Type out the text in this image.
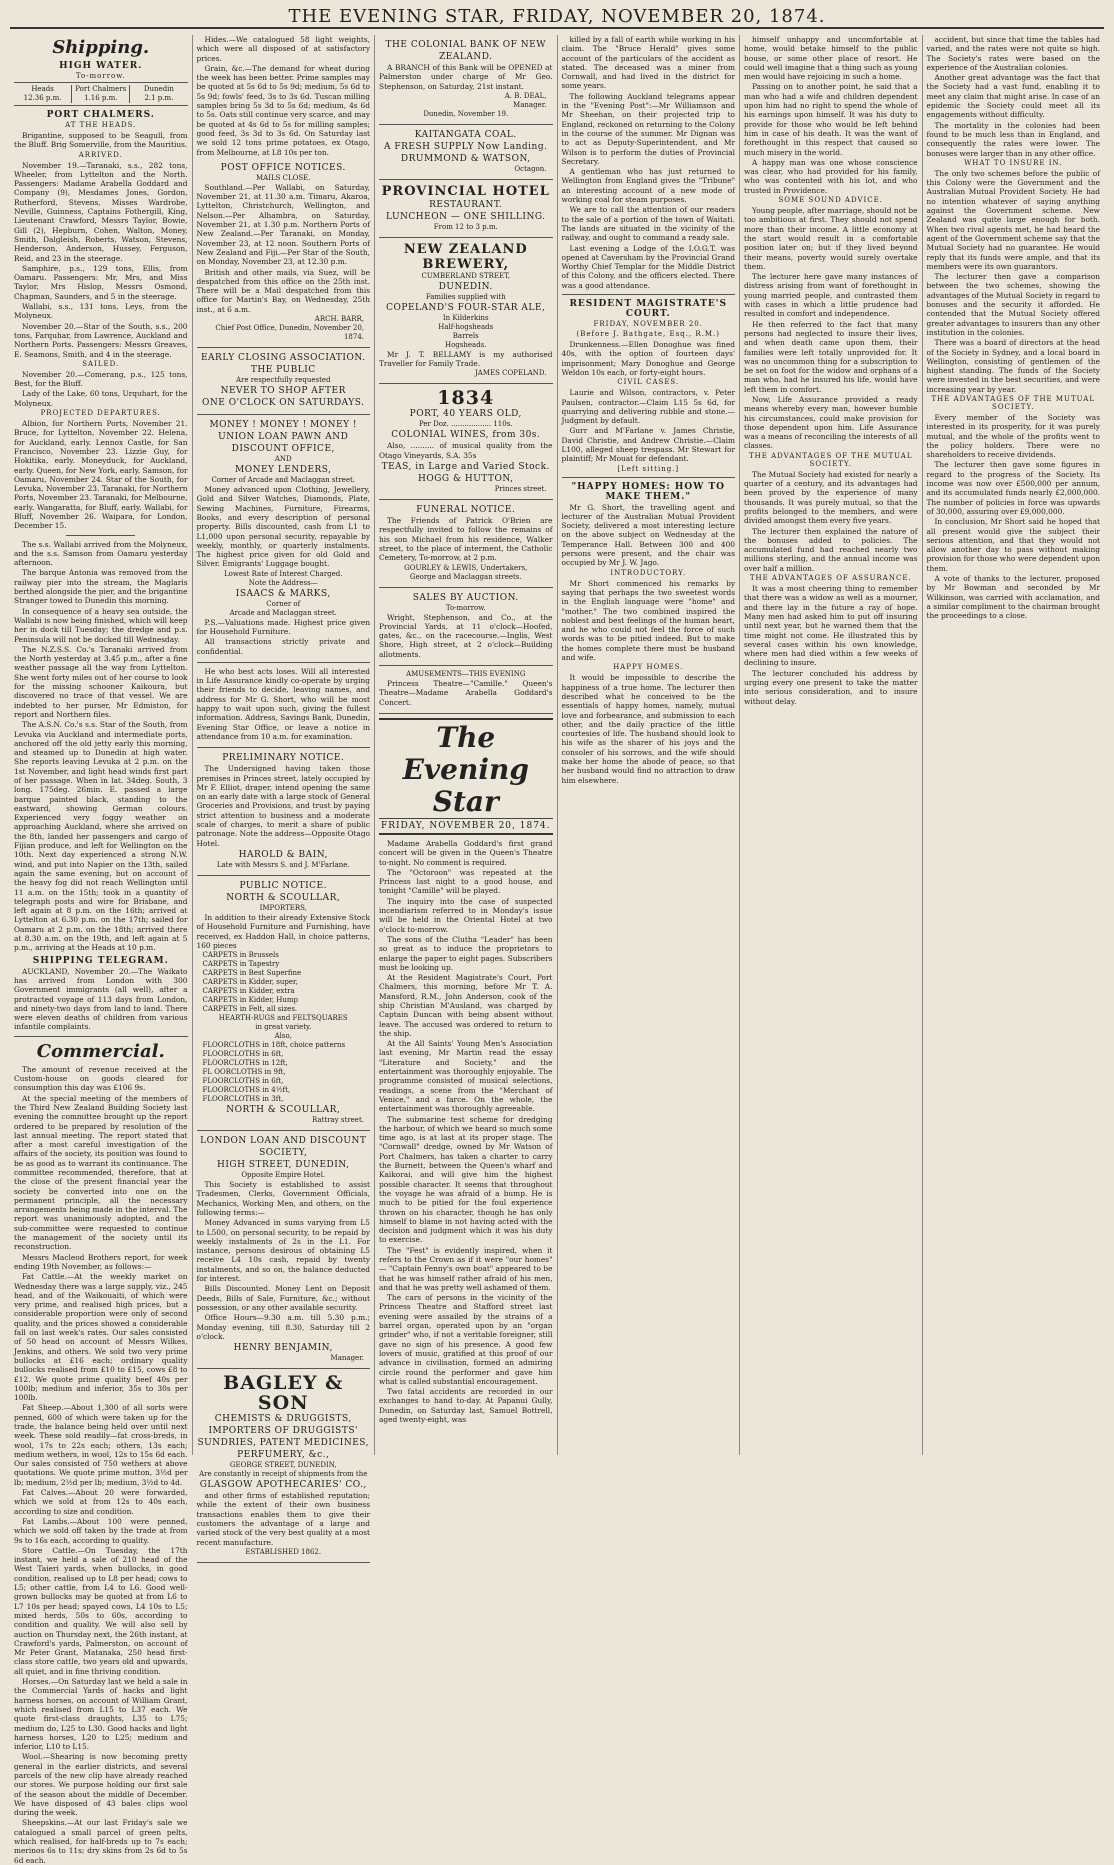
THE EVENING STAR, FRIDAY, NOVEMBER 20, 1874.
Shipping.
HIGH WATER.
To-morrow.
Heads
12.36 p.m.
Port Chalmers
1.16 p.m.
Dunedin
2.1 p.m.
PORT CHALMERS.
AT THE HEADS.

Brigantine, supposed to be Seagull, from the Bluff. Brig Somerville, from the Mauritius.

ARRIVED.

November 19.—Taranaki, s.s., 282 tons, Wheeler, from Lyttelton and the North. Passengers: Madame Arabella Goddard and Company (9), Mesdames Jones, Gordon, Rutherford, Stevens, Misses Wardrobe, Neville, Guinness, Captains Fothergill, King, Lieutenant Crawford, Messrs Taylor, Bowie, Gill (2), Hepburn, Cohen, Walton, Money, Smith, Dalgleish, Roberts, Watson, Stevens, Henderson, Anderson, Hussey, Ferguson, Reid, and 23 in the steerage.

Samphire, p.s., 129 tons, Ellis, from Oamaru. Passengers: Mr, Mrs, and Miss Taylor, Mrs Hislop, Messrs Osmond, Chapman, Saunders, and 5 in the steerage.

Wallabi, s.s., 131 tons, Leys, from the Molyneux.

November 20.—Star of the South, s.s., 200 tons, Farquhar, from Lawrence, Auckland and Northern Ports. Passengers: Messrs Greaves, E. Seamons, Smith, and 4 in the steerage.

SAILED.

November 20.—Comerang, p.s., 125 tons, Best, for the Bluff.

Lady of the Lake, 60 tons, Urquhart, for the Molyneux.

PROJECTED DEPARTURES.

Albion, for Northern Ports, November 21. Bruce, for Lyttelton, November 22. Helena, for Auckland, early. Lennox Castle, for San Francisco, November 23. Lizzie Guy, for Hokitika, early. Moneyduck, for Auckland, early. Queen, for New York, early. Samson, for Oamaru, November 24. Star of the South, for Levuka, November 23. Taranaki, for Northern Ports, November 23. Taranaki, for Melbourne, early. Wangaratta, for Bluff, early. Wallabi, for Bluff, November 26. Waipara, for London, December 15.

The s.s. Wallabi arrived from the Molyneux, and the s.s. Samson from Oamaru yesterday afternoon.

The barque Antonia was removed from the railway pier into the stream, the Maglaris berthed alongside the pier, and the brigantine Stranger towed to Dunedin this morning.

In consequence of a heavy sea outside, the Wallabi is now being finished, which will keep her in dock till Tuesday; the dredge and p.s. Peninsula will not be docked till Wednesday.

The N.Z.S.S. Co.'s Taranaki arrived from the North yesterday at 3.45 p.m., after a fine weather passage all the way from Lyttelton. She went forty miles out of her course to look for the missing schooner Kaikoura, but discovered no trace of that vessel. We are indebted to her purser, Mr Edmiston, for report and Northern files.

The A.S.N. Co.'s s.s. Star of the South, from Levuka via Auckland and intermediate ports, anchored off the old jetty early this morning, and steamed up to Dunedin at high water. She reports leaving Levuka at 2 p.m. on the 1st November, and light head winds first part of her passage. When in lat. 34deg. South, 3 long. 175deg. 26min. E. passed a large barque painted black, standing to the eastward, showing German colours. Experienced very foggy weather on approaching Auckland, where she arrived on the 8th, landed her passengers and cargo of Fijian produce, and left for Wellington on the 10th. Next day experienced a strong N.W. wind, and put into Napier on the 13th, sailed again the same evening, but on account of the heavy fog did not reach Wellington until 11 a.m. on the 15th; took in a quantity of telegraph posts and wire for Brisbane, and left again at 8 p.m. on the 16th; arrived at Lyttelton at 6.30 p.m. on the 17th; sailed for Oamaru at 2 p.m. on the 18th; arrived there at 8.30 a.m. on the 19th, and left again at 5 p.m., arriving at the Heads at 10 p.m.

SHIPPING TELEGRAM.

AUCKLAND, November 20.—The Waikato has arrived from London with 300 Government immigrants (all well), after a protracted voyage of 113 days from London, and ninety-two days from land to land. There were eleven deaths of children from various infantile complaints.

Commercial.

The amount of revenue received at the Custom-house on goods cleared for consumption this day was £106 9s.

At the special meeting of the members of the Third New Zealand Building Society last evening the committee brought up the report ordered to be prepared by resolution of the last annual meeting. The report stated that after a most careful investigation of the affairs of the society, its position was found to be as good as to warrant its continuance. The committee recommended, therefore, that at the close of the present financial year the society be converted into one on the permanent principle, all the necessary arrangements being made in the interval. The report was unanimously adopted, and the sub-committee were requested to continue the management of the society until its reconstruction.

Messrs Macleod Brothers report, for week ending 19th November, as follows:—

Fat Cattle.—At the weekly market on Wednesday there was a large supply, viz., 245 head, and of the Waikouaiti, of which were very prime, and realised high prices, but a considerable proportion were only of second quality, and the prices showed a considerable fall on last week's rates. Our sales consisted of 50 head on account of Messrs Wilkes, Jenkins, and others. We sold two very prime bullocks at £16 each; ordinary quality bullocks realised from £10 to £15, cows £8 to £12. We quote prime quality beef 40s per 100lb; medium and inferior, 35s to 30s per 100lb.

Fat Sheep.—About 1,300 of all sorts were penned, 600 of which were taken up for the trade, the balance being held over until next week. These sold readily—fat cross-breds, in wool, 17s to 22s each; others, 13s each; medium wethers, in wool, 12s to 15s 6d each. Our sales consisted of 750 wethers at above quotations. We quote prime mutton, 3½d per lb; medium, 2½d per lb; medium, 3½d to 4d.

Fat Calves.—About 20 were forwarded, which we sold at from 12s to 40s each, according to size and condition.

Fat Lambs.—About 100 were penned, which we sold off taken by the trade at from 9s to 16s each, according to quality.

Store Cattle.—On Tuesday, the 17th instant, we held a sale of 210 head of the West Taieri yards, when bullocks, in good condition, realised up to L8 per head; cows to L5; other cattle, from L4 to L6. Good well-grown bullocks may be quoted at from L6 to L7 10s per head; spayed cows, L4 10s to L5; mixed herds, 50s to 60s, according to condition and quality. We will also sell by auction on Thursday next, the 26th instant, at Crawford's yards, Palmerston, on account of Mr Peter Grant, Matanaka, 250 head first-class store cattle, two years old and upwards, all quiet, and in fine thriving condition.

Horses.—On Saturday last we held a sale in the Commercial Yards of hacks and light harness horses, on account of William Grant, which realised from L15 to L37 each. We quote first-class draughts, L35 to L75; medium do, L25 to L30. Good hacks and light harness horses, L20 to L25; medium and inferior, L10 to L15.

Wool.—Shearing is now becoming pretty general in the earlier districts, and several parcels of the new clip have already reached our stores. We purpose holding our first sale of the season about the middle of December. We have disposed of 43 bales clips wool during the week.

Sheepskins.—At our last Friday's sale we catalogued a small parcel of green pelts, which realised, for half-breds up to 7s each; merinos 6s to 11s; dry skins from 2s 6d to 5s 6d each.

Hides.—We catalogued 58 light weights, which were all disposed of at satisfactory prices.

Grain, &c.—The demand for wheat during the week has been better. Prime samples may be quoted at 5s 6d to 5s 9d; medium, 5s 6d to 5s 9d; fowls' feed, 3s to 3s 6d. Tuscan milling samples bring 5s 3d to 5s 6d; medium, 4s 6d to 5s. Oats still continue very scarce, and may be quoted at 4s 6d to 5s for milling samples; good feed, 3s 3d to 3s 6d. On Saturday last we sold 12 tons prime potatoes, ex Otago, from Melbourne, at L8 10s per ton.

POST OFFICE NOTICES.
MAILS CLOSE.

Southland.—Per Wallabi, on Saturday, November 21, at 11.30 a.m. Timaru, Akaroa, Lyttelton, Christchurch, Wellington, and Nelson.—Per Alhambra, on Saturday, November 21, at 1.30 p.m. Northern Ports of New Zealand.—Per Taranaki, on Monday, November 23, at 12 noon. Southern Ports of New Zealand and Fiji.—Per Star of the South, on Monday, November 23, at 12.30 p.m.

British and other mails, via Suez, will be despatched from this office on the 25th inst. There will be a Mail despatched from this office for Martin's Bay, on Wednesday, 25th inst., at 6 a.m.

ARCH. BARR,
Chief Post Office, Dunedin, November 20, 1874.
EARLY CLOSING ASSOCIATION.
THE PUBLIC
Are respectfully requested
NEVER TO SHOP AFTER
ONE O'CLOCK ON SATURDAYS.
MONEY ! MONEY ! MONEY !
UNION LOAN PAWN AND DISCOUNT OFFICE,
AND
MONEY LENDERS,
Corner of Arcade and Maclaggan street.

Money advanced upon Clothing, Jewellery, Gold and Silver Watches, Diamonds, Plate, Sewing Machines, Furniture, Firearms, Books, and every description of personal property. Bills discounted, cash from L1 to L1,000 upon personal security, repayable by weekly, monthly, or quarterly instalments. The highest price given for old Gold and Silver. Emigrants' Luggage bought.

Lowest Rate of Interest Charged.
Note the Address—
ISAACS & MARKS,
Corner of
Arcade and Maclaggan street.

P.S.—Valuations made. Highest price given for Household Furniture.

All transactions strictly private and confidential.

He who best acts loses. Will all interested in Life Assurance kindly co-operate by urging their friends to decide, leaving names, and address for Mr G. Short, who will be most happy to wait upon such, giving the fullest information. Address, Savings Bank, Dunedin, Evening Star Office, or leave a notice in attendance from 10 a.m. for examination.

PRELIMINARY NOTICE.

The Undersigned having taken those premises in Princes street, lately occupied by Mr F. Elliot, draper, intend opening the same on an early date with a large stock of General Groceries and Provisions, and trust by paying strict attention to business and a moderate scale of charges, to merit a share of public patronage. Note the address—Opposite Otago Hotel.

HAROLD & BAIN,
Late with Messrs S. and J. M'Farlane.
PUBLIC NOTICE.
NORTH & SCOULLAR,
IMPORTERS,

In addition to their already Extensive Stock of Household Furniture and Furnishing, have received, ex Haddon Hall, in choice patterns, 160 pieces

CARPETS in Brussels
CARPETS in Tapestry
CARPETS in Best Superfine
CARPETS in Kidder, super,
CARPETS in Kidder, extra
CARPETS in Kidder, Hump
CARPETS in Felt, all sizes.
HEARTH-RUGS and FELTSQUARES
in great variety.
Also,
FLOORCLOTHS in 18ft, choice patterns
FLOORCLOTHS in 6ft,
FLOORCLOTHS in 12ft,
FL OORCLOTHS in 9ft,
FLOORCLOTHS in 6ft,
FLOORCLOTHS in 4½ft,
FLOORCLOTHS in 3ft,
NORTH & SCOULLAR,
Rattray street.
LONDON LOAN AND DISCOUNT SOCIETY,
HIGH STREET, DUNEDIN,
Opposite Empire Hotel.

This Society is established to assist Tradesmen, Clerks, Government Officials, Mechanics, Working Men, and others, on the following terms:—

Money Advanced in sums varying from L5 to L500, on personal security, to be repaid by weekly instalments of 2s in the L1. For instance, persons desirous of obtaining L5 receive L4 10s cash, repaid by twenty instalments, and so on, the balance deducted for interest.

Bills Discounted. Money Lent on Deposit Deeds, Bills of Sale, Furniture, &c.; without possession, or any other available security.

Office Hours—9.30 a.m. till 5.30 p.m.; Monday evening, till 8.30, Saturday till 2 o'clock.

HENRY BENJAMIN,
Manager.
BAGLEY & SON
CHEMISTS & DRUGGISTS,
IMPORTERS OF DRUGGISTS' SUNDRIES, PATENT MEDICINES, PERFUMERY, &c.,
GEORGE STREET, DUNEDIN,
Are constantly in receipt of shipments from the
GLASGOW APOTHECARIES' CO.,

and other firms of established reputation; while the extent of their own business transactions enables them to give their customers the advantage of a large and varied stock of the very best quality at a most recent manufacture.

ESTABLISHED 1862.
THE COLONIAL BANK OF NEW ZEALAND.

A BRANCH of this Bank will be OPENED at Palmerston under charge of Mr Geo. Stephenson, on Saturday, 21st instant.

A. B. DEAL,
Manager.
Dunedin, November 19.
KAITANGATA COAL.
A FRESH SUPPLY Now Landing.
DRUMMOND & WATSON,
Octagon.
PROVINCIAL HOTEL
RESTAURANT.
LUNCHEON — ONE SHILLING.
From 12 to 3 p.m.
NEW ZEALAND BREWERY,
CUMBERLAND STREET,
DUNEDIN.
Families supplied with
COPELAND'S FOUR-STAR ALE,
In Kilderkins
Half-hogsheads
Barrels
Hogsheads.

Mr J. T. BELLAMY is my authorised Traveller for Family Trade.

JAMES COPELAND.
1834
PORT, 40 YEARS OLD,
Per Doz. .................. 110s.
COLONIAL WINES, from 30s.

Also, .......... of musical quality from the Otago Vineyards, S.A. 35s

TEAS, in Large and Varied Stock.
HOGG & HUTTON,
Princes street.
FUNERAL NOTICE.

The Friends of Patrick O'Brien are respectfully invited to follow the remains of his son Michael from his residence, Walker street, to the place of interment, the Catholic Cemetery, To-morrow, at 2 p.m.

GOURLEY & LEWIS, Undertakers,
George and Maclaggan streets.
SALES BY AUCTION.
To-morrow.

Wright, Stephenson, and Co., at the Provincial Yards, at 11 o'clock—Hoofed, gates, &c., on the racecourse.—Inglis, West Shore, High street, at 2 o'clock—Building allotments.

AMUSEMENTS—THIS EVENING

Princess Theatre—"Camille." Queen's Theatre—Madame Arabella Goddard's Concert.

The Evening Star
FRIDAY, NOVEMBER 20, 1874.

Madame Arabella Goddard's first grand concert will be given in the Queen's Theatre to-night. No comment is required.

The "Octoroon" was repeated at the Princess last night to a good house, and tonight "Camille" will be played.

The inquiry into the case of suspected incendiarism referred to in Monday's issue will be held in the Oriental Hotel at two o'clock to-morrow.

The sons of the Clutha "Leader" has been so great as to induce the proprietors to enlarge the paper to eight pages. Subscribers must be looking up.

At the Resident Magistrate's Court, Port Chalmers, this morning, before Mr T. A. Mansford, R.M., John Anderson, cook of the ship Christian M'Ausland, was charged by Captain Duncan with being absent without leave. The accused was ordered to return to the ship.

At the All Saints' Young Men's Association last evening, Mr Martin read the essay "Literature and Society," and the entertainment was thoroughly enjoyable. The programme consisted of musical selections, readings, a scene from the "Merchant of Venice," and a farce. On the whole, the entertainment was thoroughly agreeable.

The submarine test scheme for dredging the harbour, of which we heard so much some time ago, is at last at its proper stage. The "Cornwall" dredge, owned by Mr Watson of Port Chalmers, has taken a charter to carry the Burnett, between the Queen's wharf and Kaikorai, and will give him the highest possible character. It seems that throughout the voyage he was afraid of a bump. He is much to be pitied for the foul experience thrown on his character, though he has only himself to blame in not having acted with the decision and judgment which it was his duty to exercise.

The "Fest" is evidently inspired, when it refers to the Crown as if it were "our homes" — "Captain Fenny's own boat" appeared to be that he was himself rather afraid of his men, and that he was pretty well ashamed of them.

The cars of persons in the vicinity of the Princess Theatre and Stafford street last evening were assailed by the strains of a barrel organ, operated upon by an "organ grinder" who, if not a veritable foreigner, still gave no sign of his presence. A good few lovers of music, gratified at this proof of our advance in civilisation, formed an admiring circle round the performer and gave him what is called substantial encouragement.

Two fatal accidents are recorded in our exchanges to hand to-day. At Papanui Gully, Dunedin, on Saturday last, Samuel Bottrell, aged twenty-eight, was

killed by a fall of earth while working in his claim. The "Bruce Herald" gives some account of the particulars of the accident as stated. The deceased was a miner from Cornwall, and had lived in the district for some years.

The following Auckland telegrams appear in the "Evening Post":—Mr Williamson and Mr Sheehan, on their projected trip to England, reckoned on returning to the Colony in the course of the summer. Mr Dignan was to act as Deputy-Superintendent, and Mr Wilson is to perform the duties of Provincial Secretary.

A gentleman who has just returned to Wellington from England gives the "Tribune" an interesting account of a new mode of working coal for steam purposes.

We are to call the attention of our readers to the sale of a portion of the town of Waitati. The lands are situated in the vicinity of the railway, and ought to command a ready sale.

Last evening a Lodge of the I.O.G.T. was opened at Caversham by the Provincial Grand Worthy Chief Templar for the Middle District of this Colony, and the officers elected. There was a good attendance.

RESIDENT MAGISTRATE'S COURT.
FRIDAY, NOVEMBER 20.
(Before J. Bathgate, Esq., R.M.)

Drunkenness.—Ellen Donoghue was fined 40s, with the option of fourteen days' imprisonment; Mary Donoghue and George Weldon 10s each, or forty-eight hours.

CIVIL CASES.

Laurie and Wilson, contractors, v. Peter Paulsen, contractor.—Claim L15 5s 6d, for quarrying and delivering rubble and stone.—Judgment by default.

Gurr and M'Farlane v. James Christie, David Christie, and Andrew Christie.—Claim L100, alleged sheep trespass. Mr Stewart for plaintiff; Mr Mouat for defendant.

[Left sitting.]
"HAPPY HOMES: HOW TO MAKE THEM."

Mr G. Short, the travelling agent and lecturer of the Australian Mutual Provident Society, delivered a most interesting lecture on the above subject on Wednesday at the Temperance Hall. Between 300 and 400 persons were present, and the chair was occupied by Mr J. W. Jago.

INTRODUCTORY.

Mr Short commenced his remarks by saying that perhaps the two sweetest words in the English language were "home" and "mother." The two combined inspired the noblest and best feelings of the human heart, and he who could not feel the force of such words was to be pitied indeed. But to make the homes complete there must be husband and wife.

HAPPY HOMES.

It would be impossible to describe the happiness of a true home. The lecturer then described what he conceived to be the essentials of happy homes, namely, mutual love and forbearance, and submission to each other, and the daily practice of the little courtesies of life. The husband should look to his wife as the sharer of his joys and the consoler of his sorrows, and the wife should make her home the abode of peace, so that her husband would find no attraction to draw him elsewhere.

himself unhappy and uncomfortable at home, would betake himself to the public house, or some other place of resort. He could well imagine that a thing such as young men would have rejoicing in such a home.

Passing on to another point, he said that a man who had a wife and children dependent upon him had no right to spend the whole of his earnings upon himself. It was his duty to provide for those who would be left behind him in case of his death. It was the want of forethought in this respect that caused so much misery in the world.

A happy man was one whose conscience was clear, who had provided for his family, who was contented with his lot, and who trusted in Providence.

SOME SOUND ADVICE.

Young people, after marriage, should not be too ambitious at first. They should not spend more than their income. A little economy at the start would result in a comfortable position later on; but if they lived beyond their means, poverty would surely overtake them.

The lecturer here gave many instances of distress arising from want of forethought in young married people, and contrasted them with cases in which a little prudence had resulted in comfort and independence.

He then referred to the fact that many persons had neglected to insure their lives, and when death came upon them, their families were left totally unprovided for. It was no uncommon thing for a subscription to be set on foot for the widow and orphans of a man who, had he insured his life, would have left them in comfort.

Now, Life Assurance provided a ready means whereby every man, however humble his circumstances, could make provision for those dependent upon him. Life Assurance was a means of reconciling the interests of all classes.

THE ADVANTAGES OF THE MUTUAL SOCIETY.

The Mutual Society had existed for nearly a quarter of a century, and its advantages had been proved by the experience of many thousands. It was purely mutual, so that the profits belonged to the members, and were divided amongst them every five years.

The lecturer then explained the nature of the bonuses added to policies. The accumulated fund had reached nearly two millions sterling, and the annual income was over half a million.

THE ADVANTAGES OF ASSURANCE.

It was a most cheering thing to remember that there was a widow as well as a mourner, and there lay in the future a ray of hope. Many men had asked him to put off insuring until next year, but he warned them that the time might not come. He illustrated this by several cases within his own knowledge, where men had died within a few weeks of declining to insure.

The lecturer concluded his address by urging every one present to take the matter into serious consideration, and to insure without delay.

accident, but since that time the tables had varied, and the rates were not quite so high. The Society's rates were based on the experience of the Australian colonies.

Another great advantage was the fact that the Society had a vast fund, enabling it to meet any claim that might arise. In case of an epidemic the Society could meet all its engagements without difficulty.

The mortality in the colonies had been found to be much less than in England, and consequently the rates were lower. The bonuses were larger than in any other office.

WHAT TO INSURE IN.

The only two schemes before the public of this Colony were the Government and the Australian Mutual Provident Society. He had no intention whatever of saying anything against the Government scheme. New Zealand was quite large enough for both. When two rival agents met, he had heard the agent of the Government scheme say that the Mutual Society had no guarantee. He would reply that its funds were ample, and that its members were its own guarantors.

The lecturer then gave a comparison between the two schemes, showing the advantages of the Mutual Society in regard to bonuses and the security it afforded. He contended that the Mutual Society offered greater advantages to insurers than any other institution in the colonies.

There was a board of directors at the head of the Society in Sydney, and a local board in Wellington, consisting of gentlemen of the highest standing. The funds of the Society were invested in the best securities, and were increasing year by year.

THE ADVANTAGES OF THE MUTUAL SOCIETY.

Every member of the Society was interested in its prosperity, for it was purely mutual, and the whole of the profits went to the policy holders. There were no shareholders to receive dividends.

The lecturer then gave some figures in regard to the progress of the Society. Its income was now over £500,000 per annum, and its accumulated funds nearly £2,000,000. The number of policies in force was upwards of 30,000, assuring over £9,000,000.

In conclusion, Mr Short said he hoped that all present would give the subject their serious attention, and that they would not allow another day to pass without making provision for those who were dependent upon them.

A vote of thanks to the lecturer, proposed by Mr Bowman and seconded by Mr Wilkinson, was carried with acclamation, and a similar compliment to the chairman brought the proceedings to a close.
